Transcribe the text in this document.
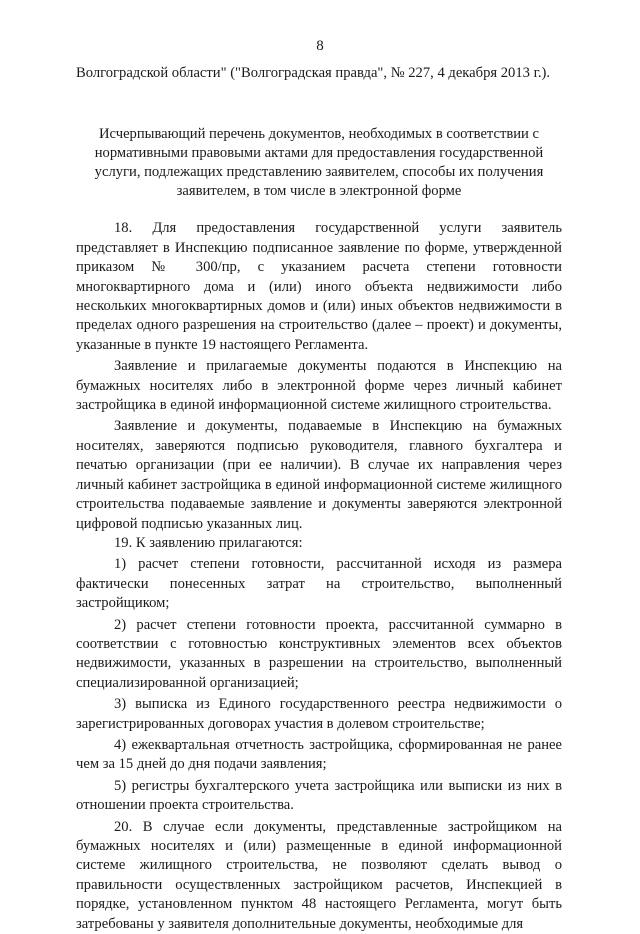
8

Волгоградской области" ("Волгоградская правда", № 227, 4 декабря 2013 г.).

Исчерпывающий перечень документов, необходимых в соответствии с нормативными правовыми актами для предоставления государственной услуги, подлежащих представлению заявителем, способы их получения заявителем, в том числе в электронной форме

18. Для предоставления государственной услуги заявитель представляет в Инспекцию подписанное заявление по форме, утвержденной приказом № 300/пр, с указанием расчета степени готовности многоквартирного дома и (или) иного объекта недвижимости либо нескольких многоквартирных домов и (или) иных объектов недвижимости в пределах одного разрешения на строительство (далее – проект) и документы, указанные в пункте 19 настоящего Регламента.

Заявление и прилагаемые документы подаются в Инспекцию на бумажных носителях либо в электронной форме через личный кабинет застройщика в единой информационной системе жилищного строительства.

Заявление и документы, подаваемые в Инспекцию на бумажных носителях, заверяются подписью руководителя, главного бухгалтера и печатью организации (при ее наличии). В случае их направления через личный кабинет застройщика в единой информационной системе жилищного строительства подаваемые заявление и документы заверяются электронной цифровой подписью указанных лиц.

19. К заявлению прилагаются:

1) расчет степени готовности, рассчитанной исходя из размера фактически понесенных затрат на строительство, выполненный застройщиком;

2) расчет степени готовности проекта, рассчитанной суммарно в соответствии с готовностью конструктивных элементов всех объектов недвижимости, указанных в разрешении на строительство, выполненный специализированной организацией;

3) выписка из Единого государственного реестра недвижимости о зарегистрированных договорах участия в долевом строительстве;

4) ежеквартальная отчетность застройщика, сформированная не ранее чем за 15 дней до дня подачи заявления;

5) регистры бухгалтерского учета застройщика или выписки из них в отношении проекта строительства.

20. В случае если документы, представленные застройщиком на бумажных носителях и (или) размещенные в единой информационной системе жилищного строительства, не позволяют сделать вывод о правильности осуществленных застройщиком расчетов, Инспекцией в порядке, установленном пунктом 48 настоящего Регламента, могут быть затребованы у заявителя дополнительные документы, необходимые для
